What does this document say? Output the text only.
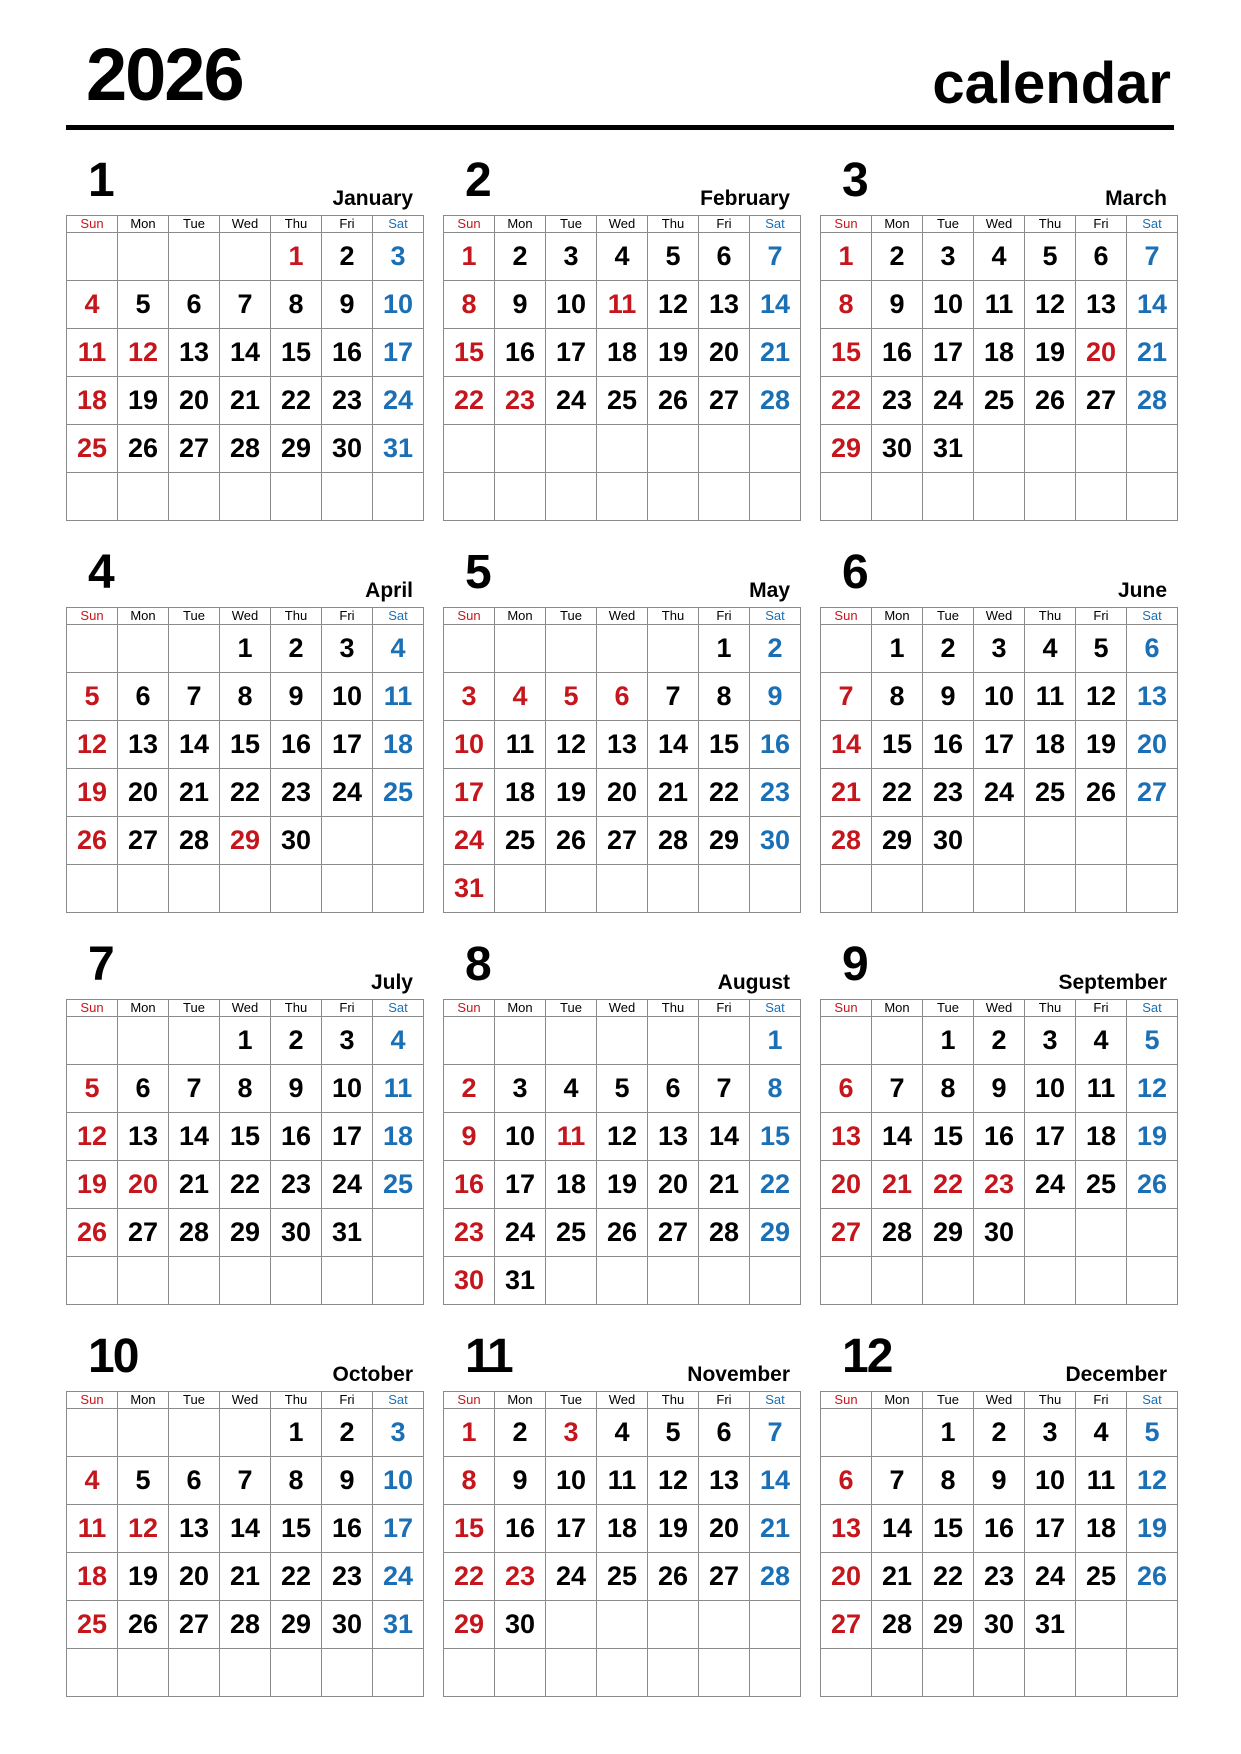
2026	calendar
1	January
Sun	Mon	Tue	Wed	Thu	Fri	Sat
				1	2	3
4	5	6	7	8	9	10
11	12	13	14	15	16	17
18	19	20	21	22	23	24
25	26	27	28	29	30	31

2	February
Sun	Mon	Tue	Wed	Thu	Fri	Sat
1	2	3	4	5	6	7
8	9	10	11	12	13	14
15	16	17	18	19	20	21
22	23	24	25	26	27	28

3	March
Sun	Mon	Tue	Wed	Thu	Fri	Sat
1	2	3	4	5	6	7
8	9	10	11	12	13	14
15	16	17	18	19	20	21
22	23	24	25	26	27	28
29	30	31				

4	April
Sun	Mon	Tue	Wed	Thu	Fri	Sat
			1	2	3	4
5	6	7	8	9	10	11
12	13	14	15	16	17	18
19	20	21	22	23	24	25
26	27	28	29	30		

5	May
Sun	Mon	Tue	Wed	Thu	Fri	Sat
					1	2
3	4	5	6	7	8	9
10	11	12	13	14	15	16
17	18	19	20	21	22	23
24	25	26	27	28	29	30
31						
6	June
Sun	Mon	Tue	Wed	Thu	Fri	Sat
	1	2	3	4	5	6
7	8	9	10	11	12	13
14	15	16	17	18	19	20
21	22	23	24	25	26	27
28	29	30				

7	July
Sun	Mon	Tue	Wed	Thu	Fri	Sat
			1	2	3	4
5	6	7	8	9	10	11
12	13	14	15	16	17	18
19	20	21	22	23	24	25
26	27	28	29	30	31	

8	August
Sun	Mon	Tue	Wed	Thu	Fri	Sat
						1
2	3	4	5	6	7	8
9	10	11	12	13	14	15
16	17	18	19	20	21	22
23	24	25	26	27	28	29
30	31					
9	September
Sun	Mon	Tue	Wed	Thu	Fri	Sat
		1	2	3	4	5
6	7	8	9	10	11	12
13	14	15	16	17	18	19
20	21	22	23	24	25	26
27	28	29	30			

10	October
Sun	Mon	Tue	Wed	Thu	Fri	Sat
				1	2	3
4	5	6	7	8	9	10
11	12	13	14	15	16	17
18	19	20	21	22	23	24
25	26	27	28	29	30	31

11	November
Sun	Mon	Tue	Wed	Thu	Fri	Sat
1	2	3	4	5	6	7
8	9	10	11	12	13	14
15	16	17	18	19	20	21
22	23	24	25	26	27	28
29	30					

12	December
Sun	Mon	Tue	Wed	Thu	Fri	Sat
		1	2	3	4	5
6	7	8	9	10	11	12
13	14	15	16	17	18	19
20	21	22	23	24	25	26
27	28	29	30	31		
